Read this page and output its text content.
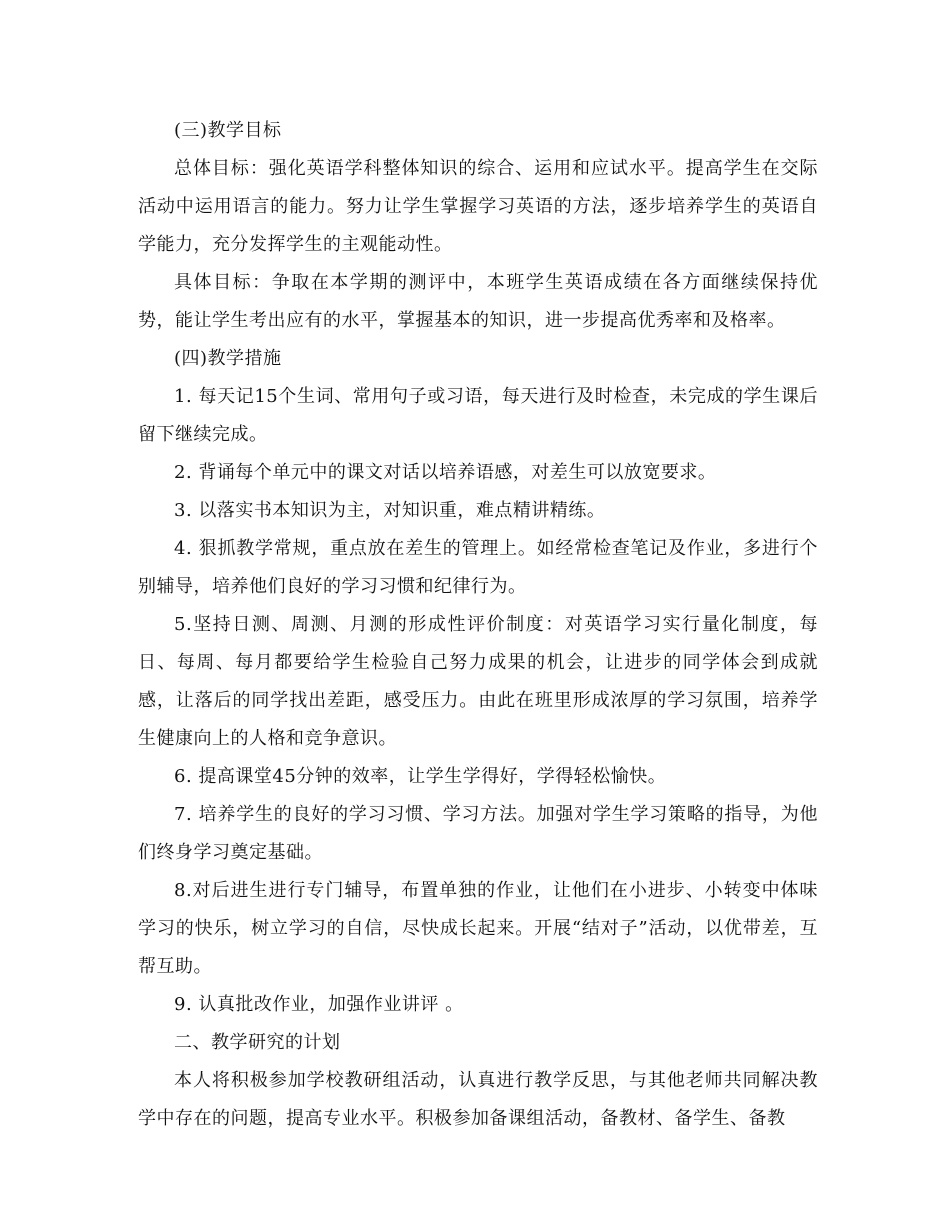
(三)教学目标

总体目标：强化英语学科整体知识的综合、运用和应试水平。提高学生在交际活动中运用语言的能力。努力让学生掌握学习英语的方法，逐步培养学生的英语自学能力，充分发挥学生的主观能动性。

具体目标：争取在本学期的测评中，本班学生英语成绩在各方面继续保持优势，能让学生考出应有的水平，掌握基本的知识，进一步提高优秀率和及格率。

(四)教学措施

1. 每天记15个生词、常用句子或习语，每天进行及时检查，未完成的学生课后留下继续完成。

2. 背诵每个单元中的课文对话以培养语感，对差生可以放宽要求。

3. 以落实书本知识为主，对知识重，难点精讲精练。

4. 狠抓教学常规，重点放在差生的管理上。如经常检查笔记及作业，多进行个别辅导，培养他们良好的学习习惯和纪律行为。

5.坚持日测、周测、月测的形成性评价制度：对英语学习实行量化制度，每日、每周、每月都要给学生检验自己努力成果的机会，让进步的同学体会到成就感，让落后的同学找出差距，感受压力。由此在班里形成浓厚的学习氛围，培养学生健康向上的人格和竞争意识。

6. 提高课堂45分钟的效率，让学生学得好，学得轻松愉快。

7. 培养学生的良好的学习习惯、学习方法。加强对学生学习策略的指导，为他们终身学习奠定基础。

8.对后进生进行专门辅导，布置单独的作业，让他们在小进步、小转变中体味学习的快乐，树立学习的自信，尽快成长起来。开展“结对子”活动，以优带差，互帮互助。

9. 认真批改作业，加强作业讲评 。

二、教学研究的计划

本人将积极参加学校教研组活动，认真进行教学反思，与其他老师共同解决教学中存在的问题，提高专业水平。积极参加备课组活动，备教材、备学生、备教
